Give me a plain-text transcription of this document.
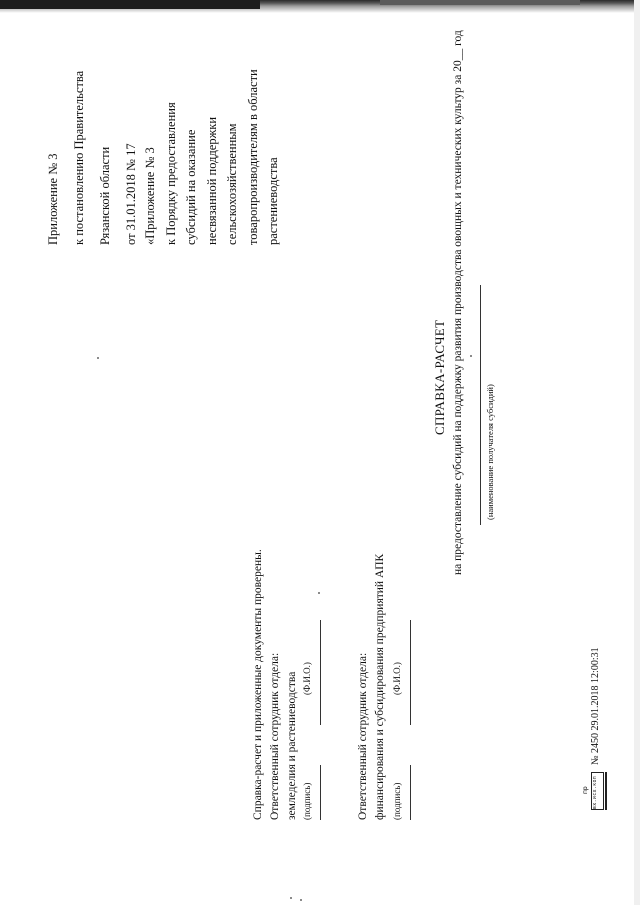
Приложение № 3 к постановлению Правительства Рязанской области от 31.01.2018 № 17 «Приложение № 3 к Порядку предоставления субсидий на оказание несвязанной поддержки сельскохозяйственным товаропроизводителям в области растениеводства
СПРАВКА-РАСЧЕТ на предоставление субсидий на поддержку развития производства овощных и технических культур за 20__ год (наименование получателя субсидий)
Справка-расчет и приложенные документы проверены. Ответственный сотрудник отдела: земледелия и растениеводства (подпись)
(Ф.И.О.)	Ответственный сотрудник отдела: финансирования и субсидирования предприятий АПК (подпись)
(Ф.И.О.)
пр вх.исх.кол
№ 2450 29.01.2018 12:00:31
